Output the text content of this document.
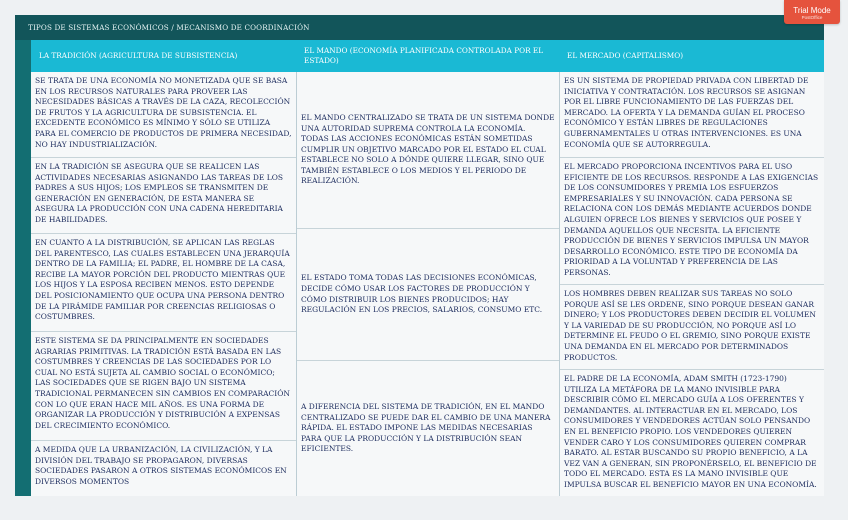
TIPOS DE SISTEMAS ECONÓMICOS / MECANISMO DE COORDINACIÓN
LA TRADICIÓN (AGRICULTURA DE SUBSISTENCIA)
EL MANDO (ECONOMÍA PLANIFICADA CONTROLADA POR EL ESTADO)
EL MERCADO (CAPITALISMO)
SE TRATA DE UNA ECONOMÍA NO MONETIZADA QUE SE BASA EN LOS RECURSOS NATURALES PARA PROVEER LAS NECESIDADES BÁSICAS A TRAVÉS DE LA CAZA, RECOLECCIÓN DE FRUTOS Y LA AGRICULTURA DE SUBSISTENCIA. EL EXCEDENTE ECONÓMICO ES MÍNIMO Y SÓLO SE UTILIZA PARA EL COMERCIO DE PRODUCTOS DE PRIMERA NECESIDAD, NO HAY INDUSTRIALIZACIÓN.
EN LA TRADICIÓN SE ASEGURA QUE SE REALICEN LAS ACTIVIDADES NECESARIAS ASIGNANDO LAS TAREAS DE LOS PADRES A SUS HIJOS; LOS EMPLEOS SE TRANSMITEN DE GENERACIÓN EN GENERACIÓN, DE ESTA MANERA SE ASEGURA LA PRODUCCIÓN CON UNA CADENA HEREDITARIA DE HABILIDADES.
EN CUANTO A LA DISTRIBUCIÓN, SE APLICAN LAS REGLAS DEL PARENTESCO, LAS CUALES ESTABLECEN UNA JERARQUÍA DENTRO DE LA FAMILIA; EL PADRE, EL HOMBRE DE LA CASA, RECIBE LA MAYOR PORCIÓN DEL PRODUCTO MIENTRAS QUE LOS HIJOS Y LA ESPOSA RECIBEN MENOS. ESTO DEPENDE DEL POSICIONAMIENTO QUE OCUPA UNA PERSONA DENTRO DE LA PIRÁMIDE FAMILIAR POR CREENCIAS RELIGIOSAS O COSTUMBRES.
ESTE SISTEMA SE DA PRINCIPALMENTE EN SOCIEDADES AGRARIAS PRIMITIVAS. LA TRADICIÓN ESTÁ BASADA EN LAS COSTUMBRES Y CREENCIAS DE LAS SOCIEDADES POR LO CUAL NO ESTÁ SUJETA AL CAMBIO SOCIAL O ECONÓMICO; LAS SOCIEDADES QUE SE RIGEN BAJO UN SISTEMA TRADICIONAL PERMANECEN SIN CAMBIOS EN COMPARACIÓN CON LO QUE ERAN HACE MIL AÑOS. ES UNA FORMA DE ORGANIZAR LA PRODUCCIÓN Y DISTRIBUCIÓN A EXPENSAS DEL CRECIMIENTO ECONÓMICO.
A MEDIDA QUE LA URBANIZACIÓN, LA CIVILIZACIÓN, Y LA DIVISIÓN DEL TRABAJO SE PROPAGARON, DIVERSAS SOCIEDADES PASARON A OTROS SISTEMAS ECONÓMICOS EN DIVERSOS MOMENTOS
EL MANDO CENTRALIZADO SE TRATA DE UN SISTEMA DONDE UNA AUTORIDAD SUPREMA CONTROLA LA ECONOMÍA. TODAS LAS ACCIONES ECONÓMICAS ESTÁN SOMETIDAS CUMPLIR UN OBJETIVO MARCADO POR EL ESTADO EL CUAL ESTABLECE NO SOLO A DÓNDE QUIERE LLEGAR, SINO QUE TAMBIÉN ESTABLECE O LOS MEDIOS Y EL PERIODO DE REALIZACIÓN.
EL ESTADO TOMA TODAS LAS DECISIONES ECONÓMICAS, DECIDE CÓMO USAR LOS FACTORES DE PRODUCCIÓN Y CÓMO DISTRIBUIR LOS BIENES PRODUCIDOS; HAY REGULACIÓN EN LOS PRECIOS, SALARIOS, CONSUMO ETC.
A DIFERENCIA DEL SISTEMA DE TRADICIÓN, EN EL MANDO CENTRALIZADO SE PUEDE DAR EL CAMBIO DE UNA MANERA RÁPIDA. EL ESTADO IMPONE LAS MEDIDAS NECESARIAS PARA QUE LA PRODUCCIÓN Y LA DISTRIBUCIÓN SEAN EFICIENTES.
ES UN SISTEMA DE PROPIEDAD PRIVADA CON LIBERTAD DE INICIATIVA Y CONTRATACIÓN. LOS RECURSOS SE ASIGNAN POR EL LIBRE FUNCIONAMIENTO DE LAS FUERZAS DEL MERCADO. LA OFERTA Y LA DEMANDA GUÍAN EL PROCESO ECONÓMICO Y ESTÁN LIBRES DE REGULACIONES GUBERNAMENTALES U OTRAS INTERVENCIONES. ES UNA ECONOMÍA QUE SE AUTORREGULA.
EL MERCADO PROPORCIONA INCENTIVOS PARA EL USO EFICIENTE DE LOS RECURSOS. RESPONDE A LAS EXIGENCIAS DE LOS CONSUMIDORES Y PREMIA LOS ESFUERZOS EMPRESARIALES Y SU INNOVACIÓN. CADA PERSONA SE RELACIONA CON LOS DEMÁS MEDIANTE ACUERDOS DONDE ALGUIEN OFRECE LOS BIENES Y SERVICIOS QUE POSEE Y DEMANDA AQUELLOS QUE NECESITA. LA EFICIENTE PRODUCCIÓN DE BIENES Y SERVICIOS IMPULSA UN MAYOR DESARROLLO ECONÓMICO. ESTE TIPO DE ECONOMÍA DA PRIORIDAD A LA VOLUNTAD Y PREFERENCIA DE LAS PERSONAS.
LOS HOMBRES DEBEN REALIZAR SUS TAREAS NO SOLO PORQUE ASÍ SE LES ORDENE, SINO PORQUE DESEAN GANAR DINERO; Y LOS PRODUCTORES DEBEN DECIDIR EL VOLUMEN Y LA VARIEDAD DE SU PRODUCCIÓN, NO PORQUE ASÍ LO DETERMINE EL FEUDO O EL GREMIO, SINO PORQUE EXISTE UNA DEMANDA EN EL MERCADO POR DETERMINADOS PRODUCTOS.
EL PADRE DE LA ECONOMÍA, ADAM SMITH (1723-1790) UTILIZA LA METÁFORA DE LA MANO INVISIBLE PARA DESCRIBIR CÓMO EL MERCADO GUÍA A LOS OFERENTES Y DEMANDANTES. AL INTERACTUAR EN EL MERCADO, LOS CONSUMIDORES Y VENDEDORES ACTÚAN SOLO PENSANDO EN EL BENEFICIO PROPIO. LOS VENDEDORES QUIEREN VENDER CARO Y LOS CONSUMIDORES QUIEREN COMPRAR BARATO. AL ESTAR BUSCANDO SU PROPIO BENEFICIO, A LA VEZ VAN A GENERAN, SIN PROPONÉRSELO, EL BENEFICIO DE TODO EL MERCADO. ESTA ES LA MANO INVISIBLE QUE IMPULSA BUSCAR EL BENEFICIO MAYOR EN UNA ECONOMÍA.
Trial Mode
PostOffice
